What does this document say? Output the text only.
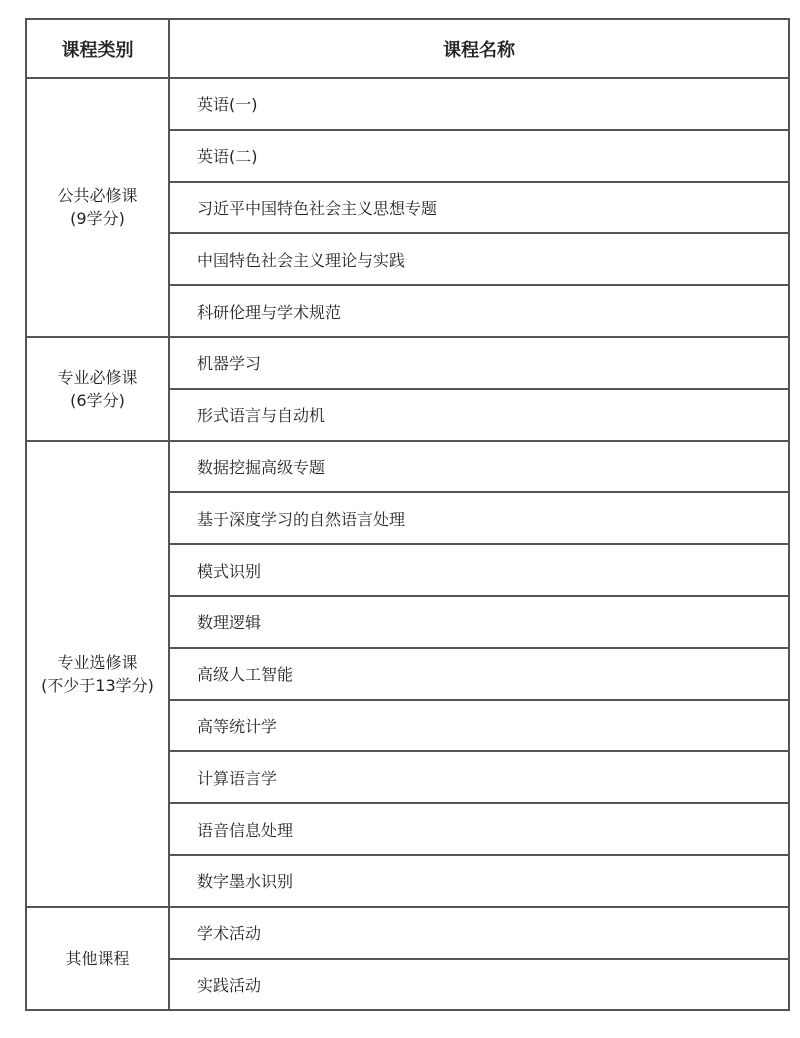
课程类别	课程名称

公共必修课
(9学分)	英语(一)
	英语(二)
	习近平中国特色社会主义思想专题
	中国特色社会主义理论与实践
	科研伦理与学术规范

专业必修课
(6学分)	机器学习
	形式语言与自动机

专业选修课
(不少于13学分)	数据挖掘高级专题
	基于深度学习的自然语言处理
	模式识别
	数理逻辑
	高级人工智能
	高等统计学
	计算语言学
	语音信息处理
	数字墨水识别

其他课程	学术活动
	实践活动
